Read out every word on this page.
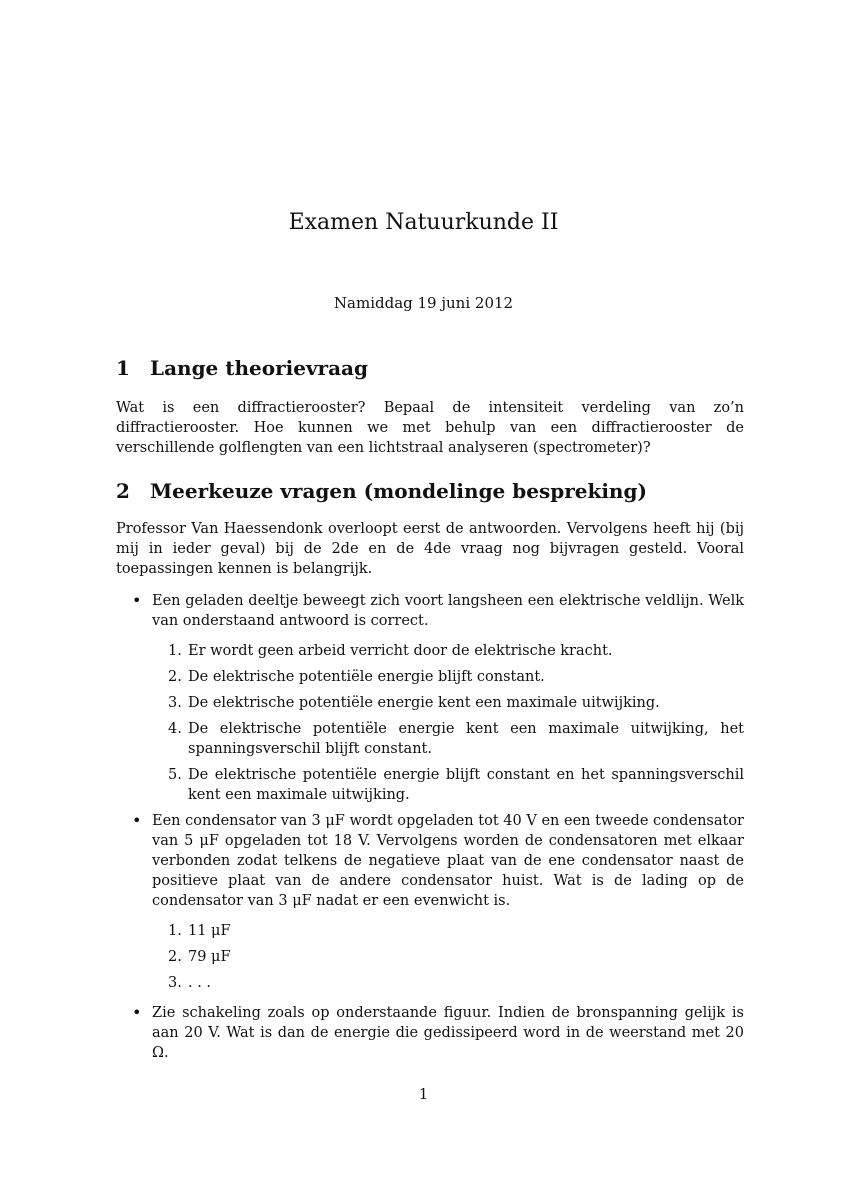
Examen Natuurkunde II
Namiddag 19 juni 2012
1 Lange theorievraag

Wat is een diffractierooster? Bepaal de intensiteit verdeling van zo’n diffractierooster. Hoe kunnen we met behulp van een diffractierooster de verschillende golflengten van een lichtstraal analyseren (spectrometer)?

2 Meerkeuze vragen (mondelinge bespreking)

Professor Van Haessendonk overloopt eerst de antwoorden. Vervolgens heeft hij (bij mij in ieder geval) bij de 2de en de 4de vraag nog bijvragen gesteld. Vooral toepassingen kennen is belangrijk.

• Een geladen deeltje beweegt zich voort langsheen een elektrische veldlijn. Welk van onderstaand antwoord is correct.
1. Er wordt geen arbeid verricht door de elektrische kracht.
2. De elektrische potentiële energie blijft constant.
3. De elektrische potentiële energie kent een maximale uitwijking.
4. De elektrische potentiële energie kent een maximale uitwijking, het spanningsverschil blijft constant.
5. De elektrische potentiële energie blijft constant en het spanningsverschil kent een maximale uitwijking.
• Een condensator van 3 μF wordt opgeladen tot 40 V en een tweede condensator van 5 μF opgeladen tot 18 V. Vervolgens worden de condensatoren met elkaar verbonden zodat telkens de negatieve plaat van de ene condensator naast de positieve plaat van de andere condensator huist. Wat is de lading op de condensator van 3 μF nadat er een evenwicht is.
1. 11 μF
2. 79 μF
3. . . .
• Zie schakeling zoals op onderstaande figuur. Indien de bronspanning gelijk is aan 20 V. Wat is dan de energie die gedissipeerd word in de weerstand met 20 Ω.
1
